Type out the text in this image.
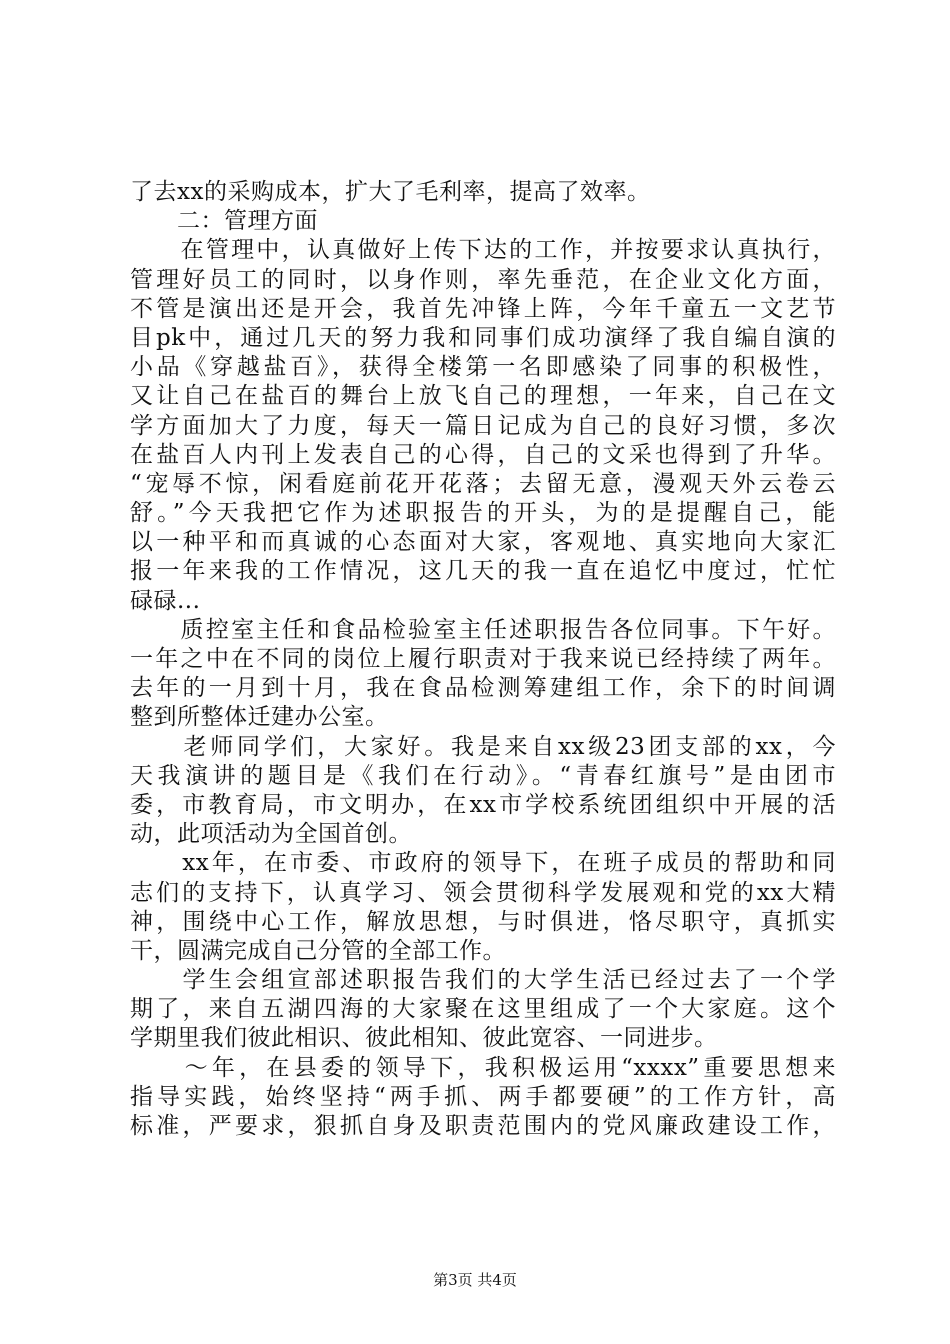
了去xx的采购成本，扩大了毛利率，提高了效率。
　　二：管理方面
　　在管理中，认真做好上传下达的工作，并按要求认真执行，
管理好员工的同时，以身作则，率先垂范，在企业文化方面，
不管是演出还是开会，我首先冲锋上阵，今年千童五一文艺节
目pk中，通过几天的努力我和同事们成功演绎了我自编自演的
小品《穿越盐百》，获得全楼第一名即感染了同事的积极性，
又让自己在盐百的舞台上放飞自己的理想，一年来，自己在文
学方面加大了力度，每天一篇日记成为自己的良好习惯，多次
在盐百人内刊上发表自己的心得，自己的文采也得到了升华。
“宠辱不惊，闲看庭前花开花落；去留无意，漫观天外云卷云
舒。”今天我把它作为述职报告的开头，为的是提醒自己，能
以一种平和而真诚的心态面对大家，客观地、真实地向大家汇
报一年来我的工作情况，这几天的我一直在追忆中度过，忙忙
碌碌...
　　质控室主任和食品检验室主任述职报告各位同事。下午好。
一年之中在不同的岗位上履行职责对于我来说已经持续了两年。
去年的一月到十月，我在食品检测筹建组工作，余下的时间调
整到所整体迁建办公室。
　　老师同学们，大家好。我是来自xx级23团支部的xx，今
天我演讲的题目是《我们在行动》。“青春红旗号”是由团市
委，市教育局，市文明办，在xx市学校系统团组织中开展的活
动，此项活动为全国首创。
　　xx年，在市委、市政府的领导下，在班子成员的帮助和同
志们的支持下，认真学习、领会贯彻科学发展观和党的xx大精
神，围绕中心工作，解放思想，与时俱进，恪尽职守，真抓实
干，圆满完成自己分管的全部工作。
　　学生会组宣部述职报告我们的大学生活已经过去了一个学
期了，来自五湖四海的大家聚在这里组成了一个大家庭。这个
学期里我们彼此相识、彼此相知、彼此宽容、一同进步。
　　～年，在县委的领导下，我积极运用“xxxx”重要思想来
指导实践，始终坚持“两手抓、两手都要硬”的工作方针，高
标准，严要求，狠抓自身及职责范围内的党风廉政建设工作，
第3页 共4页
